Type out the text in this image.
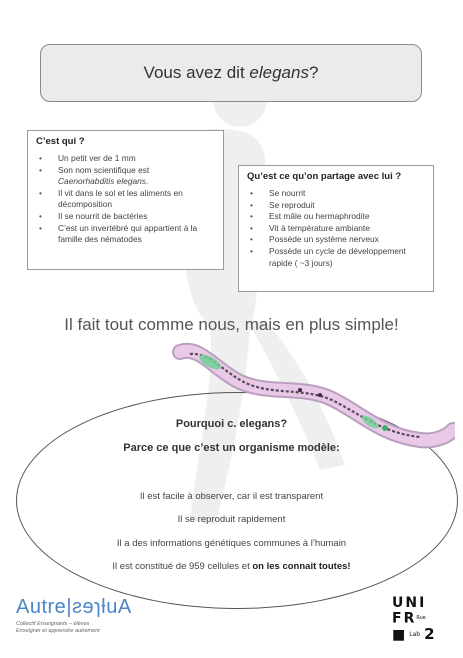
Vous avez dit
elegans ?
C’est qui ?
• Un petit ver de 1 mm
• Son nom scientifique est
Caenorhabditis elegans.
• Il vit dans le sol et les aliments en décomposition
• Il se nourrit de bactéries
• C’est un invertébré qui appartient à la famille des nématodes
Qu’est ce qu’on partage avec lui ?
• Se nourrit
• Se reproduit
• Est mâle ou hermaphrodite
• Vit à température ambiante
• Possède un système nerveux
• Possède un cycle de développement rapide ( ~3 jours)
Il fait tout comme nous, mais en plus simple!
Pourquoi c. elegans?
Parce ce que c’est un organisme modèle:
Il est facile à observer, car il est transparent
Il se reproduit rapidement
Il a des informations génétiques communes à l’humain
Il est constitué de 959 cellules et on les connait toutes!
Autre|ƨɘɿƚuA
Collectif Enseignants – élèves
Enseigner et apprendre autrement
UNI
FRRue
■ Lab 2
